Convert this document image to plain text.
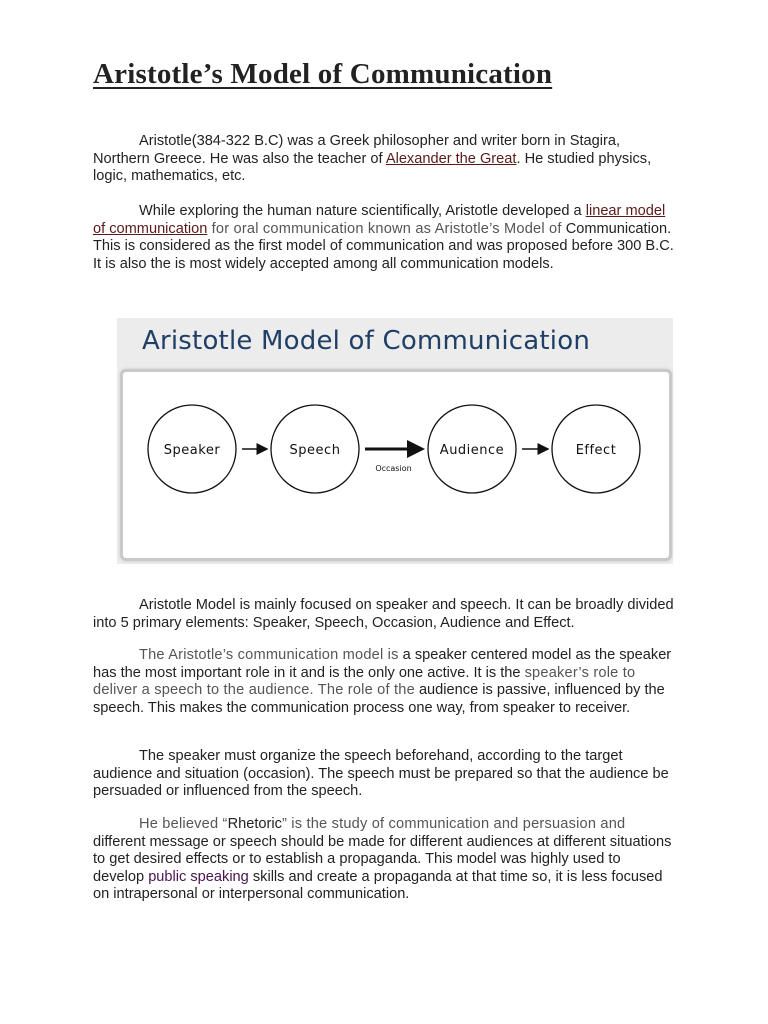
Aristotle’s Model of Communication

Aristotle(384-322 B.C) was a Greek philosopher and writer born in Stagira, Northern Greece. He was also the teacher of Alexander the Great. He studied physics, logic, mathematics, etc.

While exploring the human nature scientifically, Aristotle developed a linear model of communication for oral communication known as Aristotle’s Model of Communication. This is considered as the first model of communication and was proposed before 300 B.C. It is also the is most widely accepted among all communication models.

Aristotle Model is mainly focused on speaker and speech. It can be broadly divided into 5 primary elements: Speaker, Speech, Occasion, Audience and Effect.

The Aristotle’s communication model is a speaker centered model as the speaker has the most important role in it and is the only one active. It is the speaker’s role to deliver a speech to the audience. The role of the audience is passive, influenced by the speech. This makes the communication process one way, from speaker to receiver.

The speaker must organize the speech beforehand, according to the target audience and situation (occasion). The speech must be prepared so that the audience be persuaded or influenced from the speech.

He believed “Rhetoric” is the study of communication and persuasion and different message or speech should be made for different audiences at different situations to get desired effects or to establish a propaganda. This model was highly used to develop public speaking skills and create a propaganda at that time so, it is less focused on intrapersonal or interpersonal communication.

Aristotle Model of Communication
Speaker	Speech	Audience	Effect
Occasion
